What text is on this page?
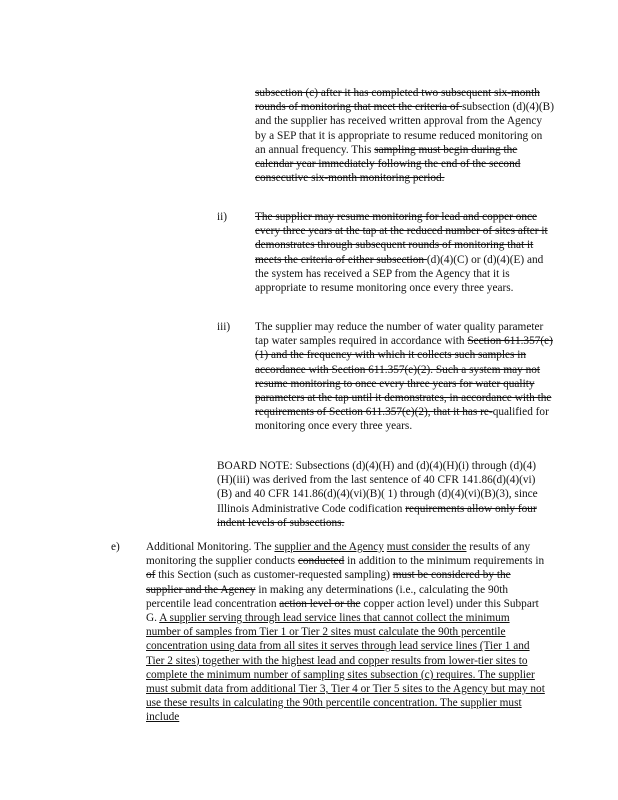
subsection (c) after it has completed two subsequent six-month rounds of monitoring that meet the criteria of subsection (d)(4)(B) and the supplier has received written approval from the Agency by a SEP that it is appropriate to resume reduced monitoring on an annual frequency. This sampling must begin during the calendar year immediately following the end of the second consecutive six-month monitoring period.
ii) The supplier may resume monitoring for lead and copper once every three years at the tap at the reduced number of sites after it demonstrates through subsequent rounds of monitoring that it meets the criteria of either subsection (d)(4)(C) or (d)(4)(E) and the system has received a SEP from the Agency that it is appropriate to resume monitoring once every three years.
iii) The supplier may reduce the number of water quality parameter tap water samples required in accordance with Section 611.357(e)(1) and the frequency with which it collects such samples in accordance with Section 611.357(e)(2). Such a system may not resume monitoring to once every three years for water quality parameters at the tap until it demonstrates, in accordance with the requirements of Section 611.357(e)(2), that it has re-qualified for monitoring once every three years.
BOARD NOTE: Subsections (d)(4)(H) and (d)(4)(H)(i) through (d)(4)(H)(iii) was derived from the last sentence of 40 CFR 141.86(d)(4)(vi)(B) and 40 CFR 141.86(d)(4)(vi)(B)( 1) through (d)(4)(vi)(B)(3), since Illinois Administrative Code codification requirements allow only four indent levels of subsections.
e) Additional Monitoring. The supplier and the Agency must consider the results of any monitoring the supplier conducts conducted in addition to the minimum requirements in of this Section (such as customer-requested sampling) must be considered by the supplier and the Agency in making any determinations (i.e., calculating the 90th percentile lead concentration action level or the copper action level) under this Subpart G. A supplier serving through lead service lines that cannot collect the minimum number of samples from Tier 1 or Tier 2 sites must calculate the 90th percentile concentration using data from all sites it serves through lead service lines (Tier 1 and Tier 2 sites) together with the highest lead and copper results from lower-tier sites to complete the minimum number of sampling sites subsection (c) requires. The supplier must submit data from additional Tier 3, Tier 4 or Tier 5 sites to the Agency but may not use these results in calculating the 90th percentile concentration. The supplier must include
